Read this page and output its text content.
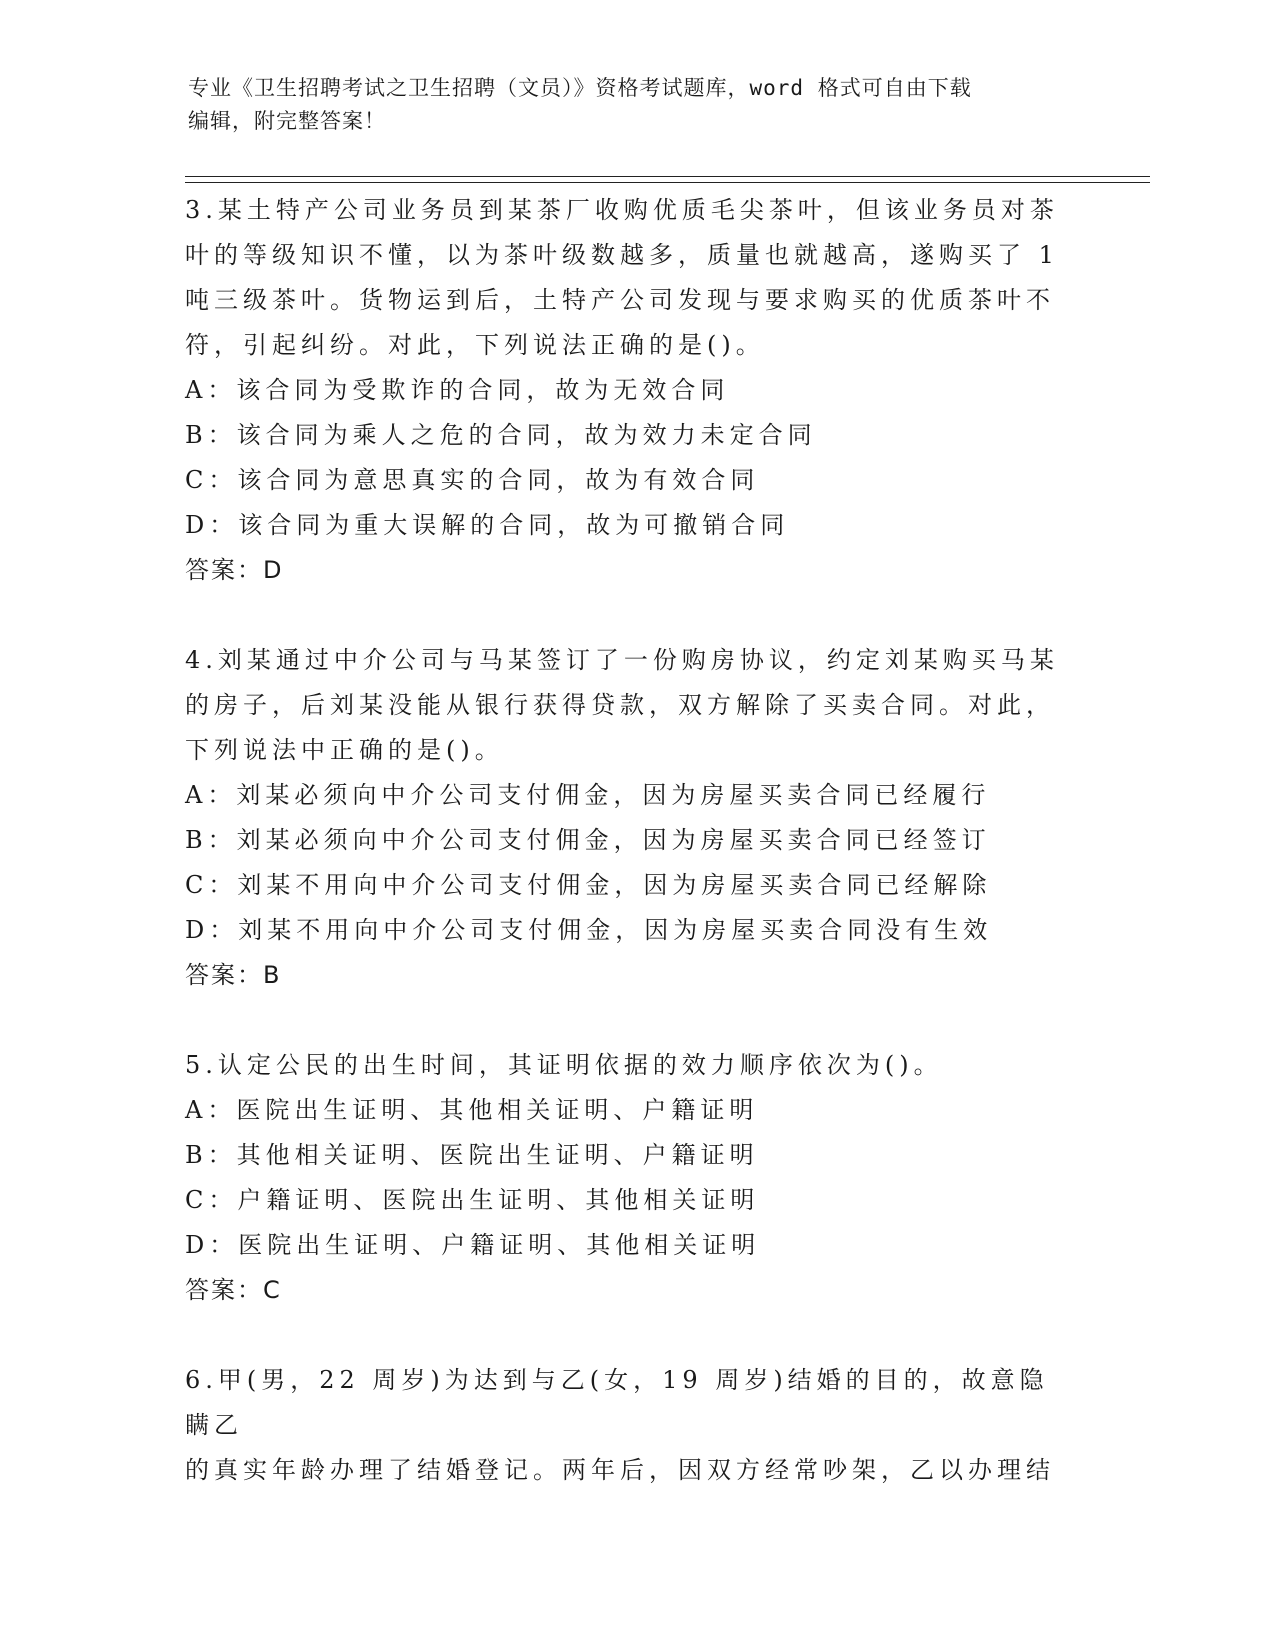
专业《卫生招聘考试之卫生招聘（文员）》资格考试题库，word 格式可自由下载
编辑，附完整答案！

3.某土特产公司业务员到某茶厂收购优质毛尖茶叶，但该业务员对茶

叶的等级知识不懂，以为茶叶级数越多，质量也就越高，遂购买了 1

吨三级茶叶。货物运到后，土特产公司发现与要求购买的优质茶叶不

符，引起纠纷。对此，下列说法正确的是()。

A：该合同为受欺诈的合同，故为无效合同

B：该合同为乘人之危的合同，故为效力未定合同

C：该合同为意思真实的合同，故为有效合同

D：该合同为重大误解的合同，故为可撤销合同

答案：D

4.刘某通过中介公司与马某签订了一份购房协议，约定刘某购买马某

的房子，后刘某没能从银行获得贷款，双方解除了买卖合同。对此，

下列说法中正确的是()。

A：刘某必须向中介公司支付佣金，因为房屋买卖合同已经履行

B：刘某必须向中介公司支付佣金，因为房屋买卖合同已经签订

C：刘某不用向中介公司支付佣金，因为房屋买卖合同已经解除

D：刘某不用向中介公司支付佣金，因为房屋买卖合同没有生效

答案：B

5.认定公民的出生时间，其证明依据的效力顺序依次为()。

A：医院出生证明、其他相关证明、户籍证明

B：其他相关证明、医院出生证明、户籍证明

C：户籍证明、医院出生证明、其他相关证明

D：医院出生证明、户籍证明、其他相关证明

答案：C

6.甲(男，22 周岁)为达到与乙(女，19 周岁)结婚的目的，故意隐瞒乙

的真实年龄办理了结婚登记。两年后，因双方经常吵架，乙以办理结
